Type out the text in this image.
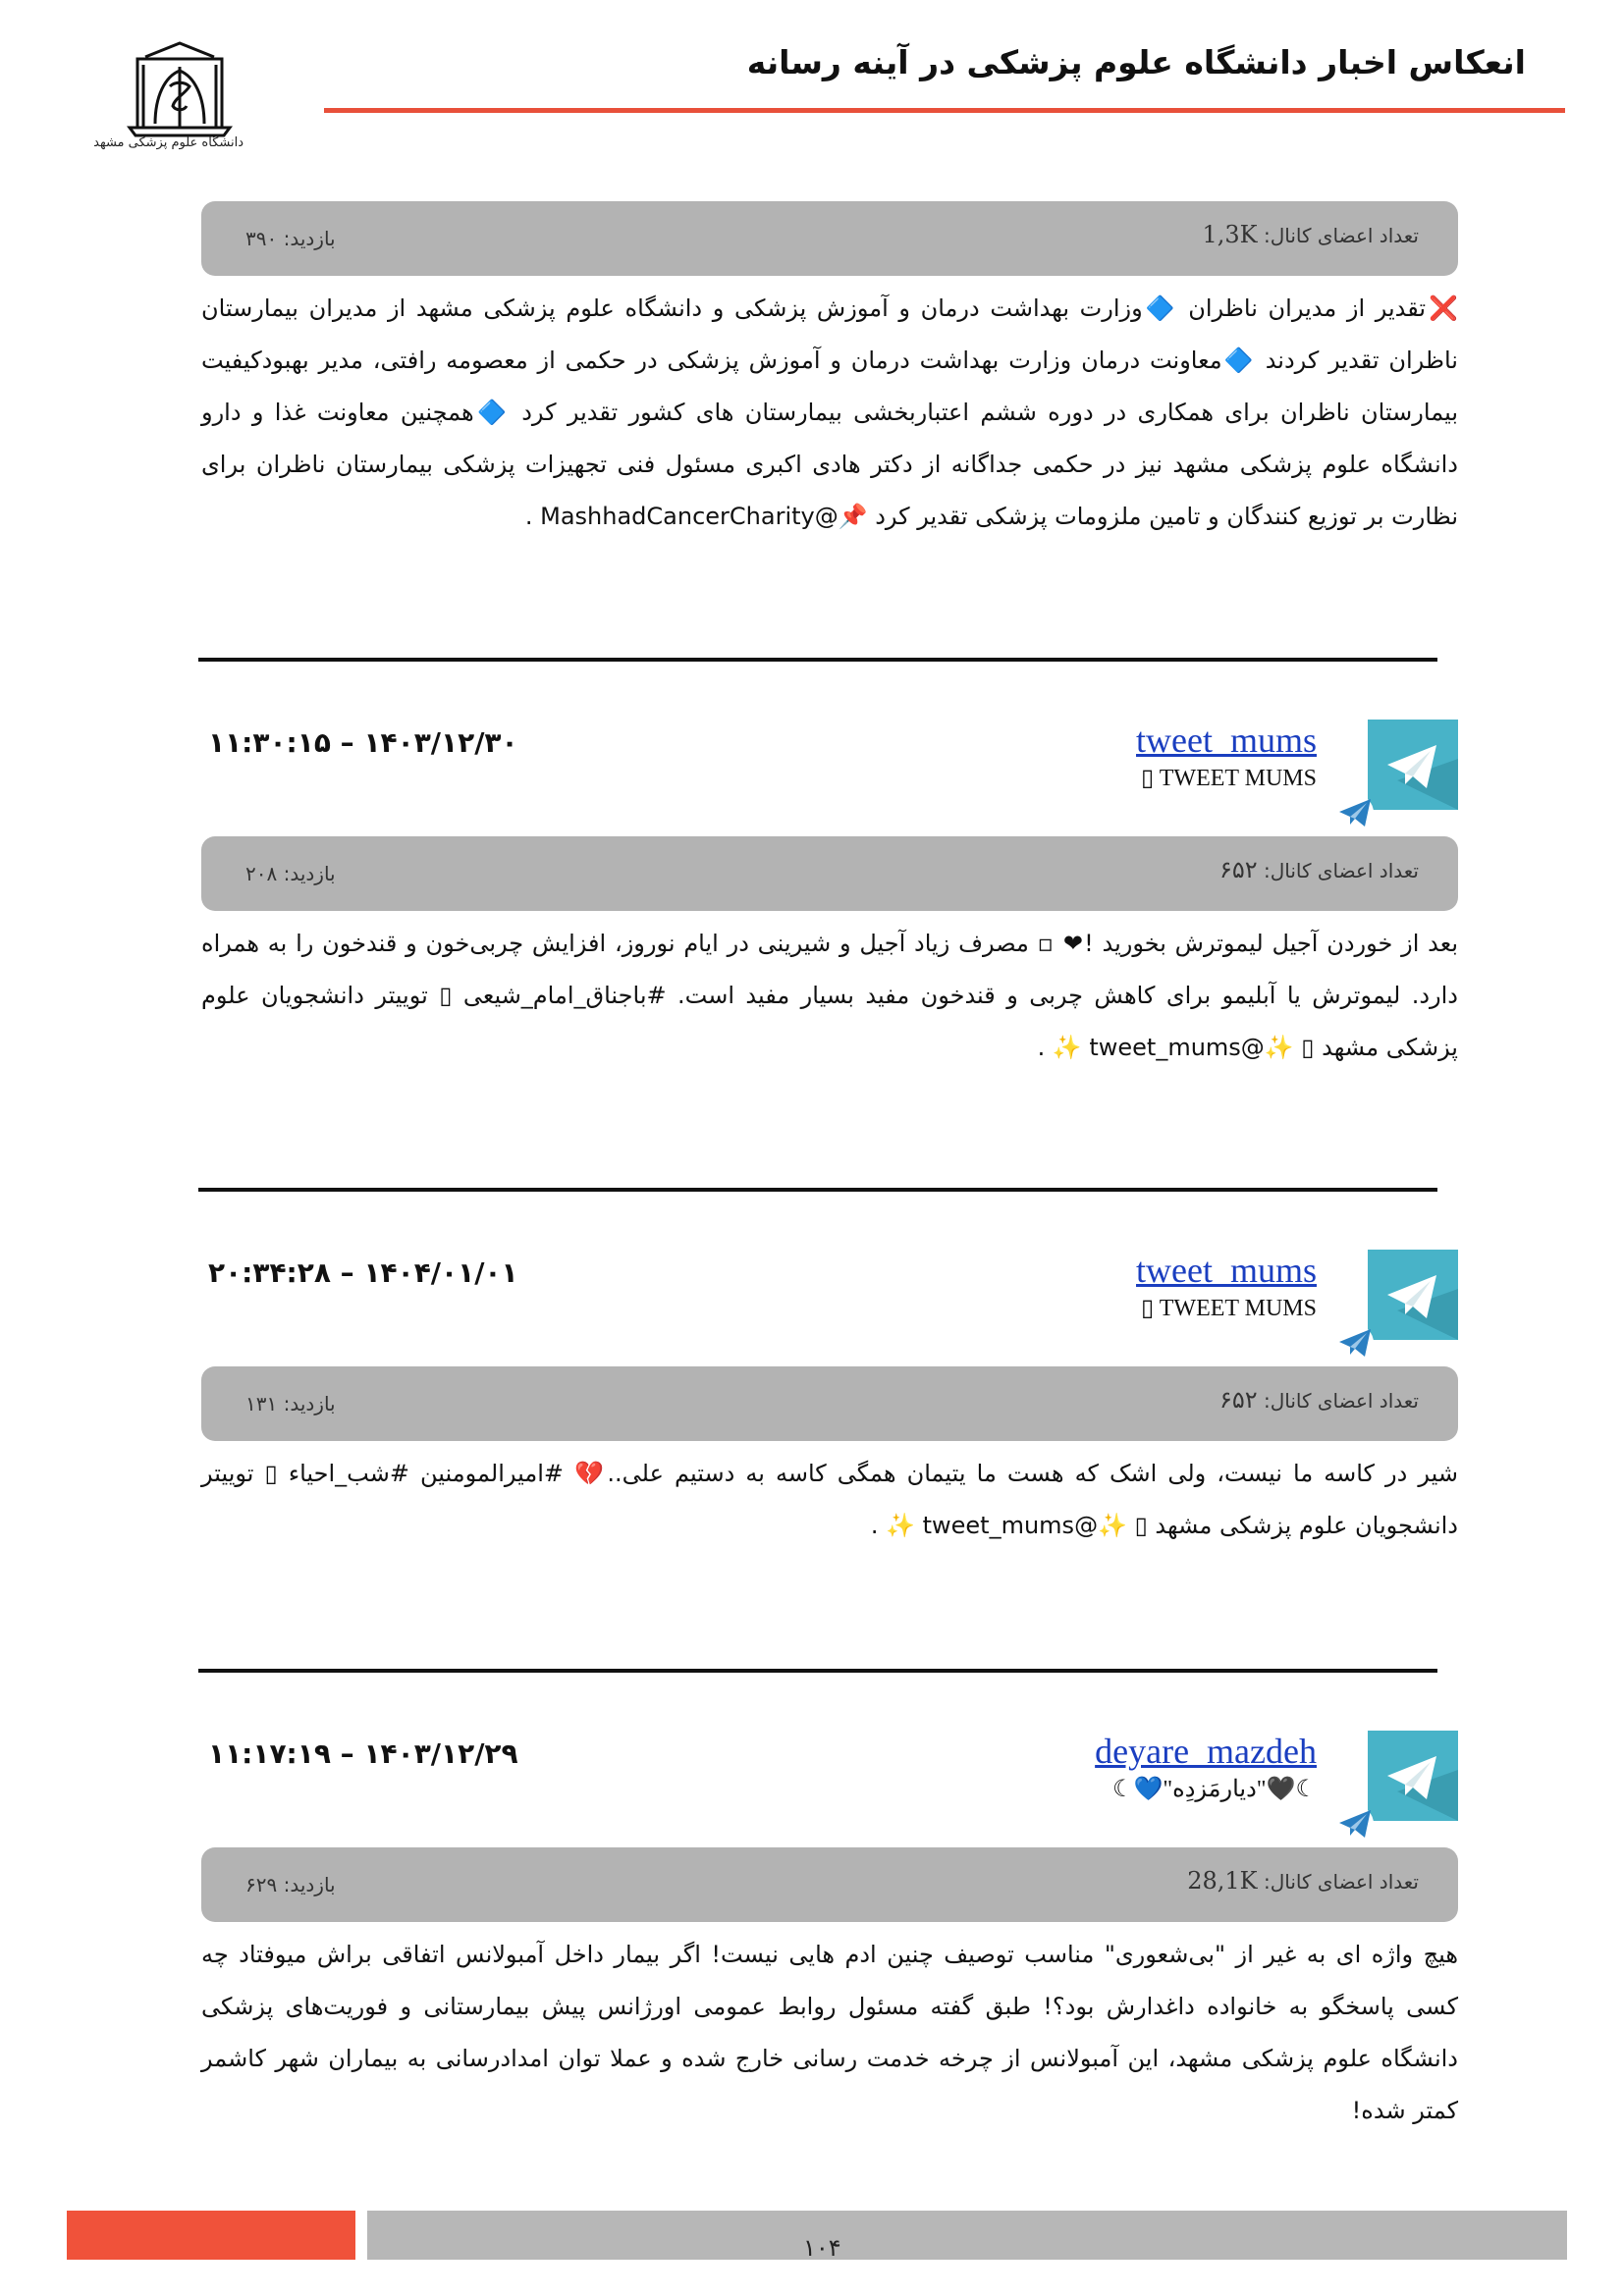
انعکاس اخبار دانشگاه علوم پزشکی در آینه رسانه
دانشگاه علوم پزشکی مشهد
بازدید: ۳۹۰	تعداد اعضای کانال: 1,3K
❌تقدیر از مدیران ناظران 🔷وزارت بهداشت درمان و آموزش پزشکی و دانشگاه علوم پزشکی مشهد از مدیران بیمارستان ناظران تقدیر کردند 🔷معاونت درمان وزارت بهداشت درمان و آموزش پزشکی در حکمی از معصومه رافتی، مدیر بهبودکیفیت بیمارستان ناظران برای همکاری در دوره ششم اعتباربخشی بیمارستان های کشور تقدیر کرد 🔷همچنین معاونت غذا و دارو دانشگاه علوم پزشکی مشهد نیز در حکمی جداگانه از دکتر هادی اکبری مسئول فنی تجهیزات پزشکی بیمارستان ناظران برای نظارت بر توزیع کنندگان و تامین ملزومات پزشکی تقدیر کرد 📌@MashhadCancerCharity .
tweet_mums
▯ TWEET MUMS
۱۴۰۳/۱۲/۳۰ – ۱۱:۳۰:۱۵
بازدید: ۲۰۸	تعداد اعضای کانال: ۶۵۲
بعد از خوردن آجیل لیموترش بخورید !❤ ▫ مصرف زیاد آجیل و شیرینی در ایام نوروز، افزایش چربی‌خون و قندخون را به همراه دارد. لیموترش یا آبلیمو برای کاهش چربی و قندخون مفید بسیار مفید است. #باجناق_امام_شیعی ▯ توییتر دانشجویان علوم پزشکی مشهد ▯ ✨@tweet_mums ✨ .
tweet_mums
▯ TWEET MUMS
۱۴۰۴/۰۱/۰۱ – ۲۰:۳۴:۲۸
بازدید: ۱۳۱	تعداد اعضای کانال: ۶۵۲
شیر در کاسه ما نیست، ولی اشک که هست ما یتیمان همگی کاسه به دستیم علی..💔 #امیرالمومنین #شب_احیاء ▯ توییتر دانشجویان علوم پزشکی مشهد ▯ ✨@tweet_mums ✨ .
deyare_mazdeh
☾💙"دیارمَزدِه"🖤☾
۱۴۰۳/۱۲/۲۹ – ۱۱:۱۷:۱۹
بازدید: ۶۲۹	تعداد اعضای کانال: 28,1K
هیچ واژه ای به غیر از "بی‌شعوری" مناسب توصیف چنین ادم هایی نیست! اگر بیمار داخل آمبولانس اتفاقی براش میوفتاد چه کسی پاسخگو به خانواده داغدارش بود؟! طبق گفته مسئول روابط عمومی اورژانس پیش بیمارستانی و فوریت‌های پزشکی دانشگاه علوم پزشکی مشهد، این آمبولانس از چرخه خدمت رسانی خارج شده و عملا توان امدادرسانی به بیماران شهر کاشمر کمتر شده!
۱۰۴
